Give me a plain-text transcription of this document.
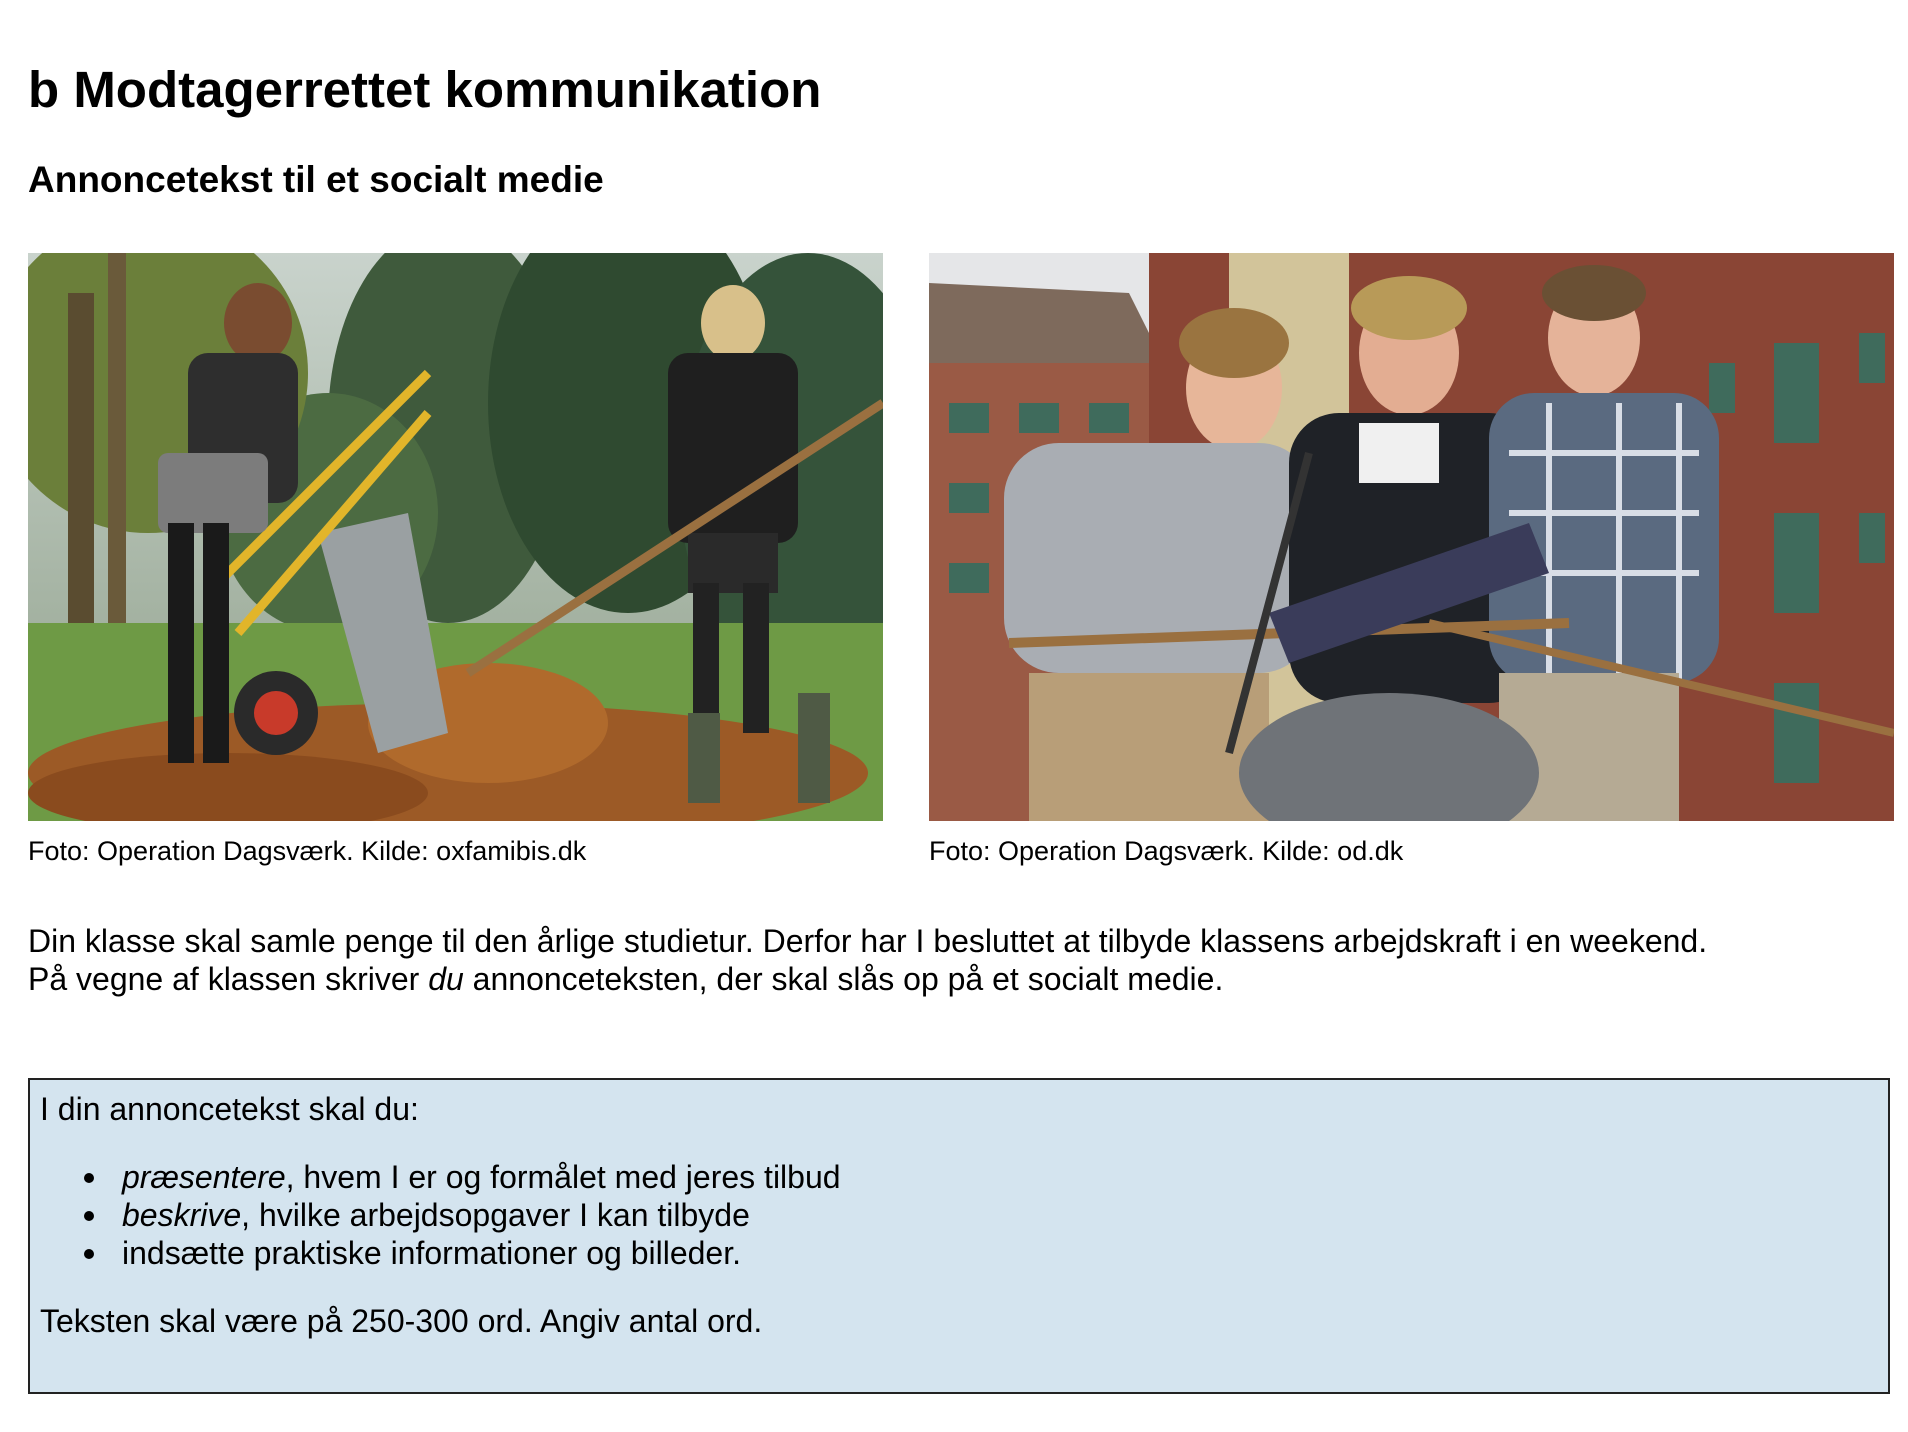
b Modtagerrettet kommunikation
Annoncetekst til et socialt medie
Foto: Operation Dagsværk. Kilde: oxfamibis.dk	Foto: Operation Dagsværk. Kilde: od.dk

Din klasse skal samle penge til den årlige studietur. Derfor har I besluttet at tilbyde klassens arbejdskraft i en weekend.

På vegne af klassen skriver du annonceteksten, der skal slås op på et socialt medie.

I din annoncetekst skal du:

præsentere, hvem I er og formålet med jeres tilbud
beskrive, hvilke arbejdsopgaver I kan tilbyde
indsætte praktiske informationer og billeder.

Teksten skal være på 250-300 ord. Angiv antal ord.
